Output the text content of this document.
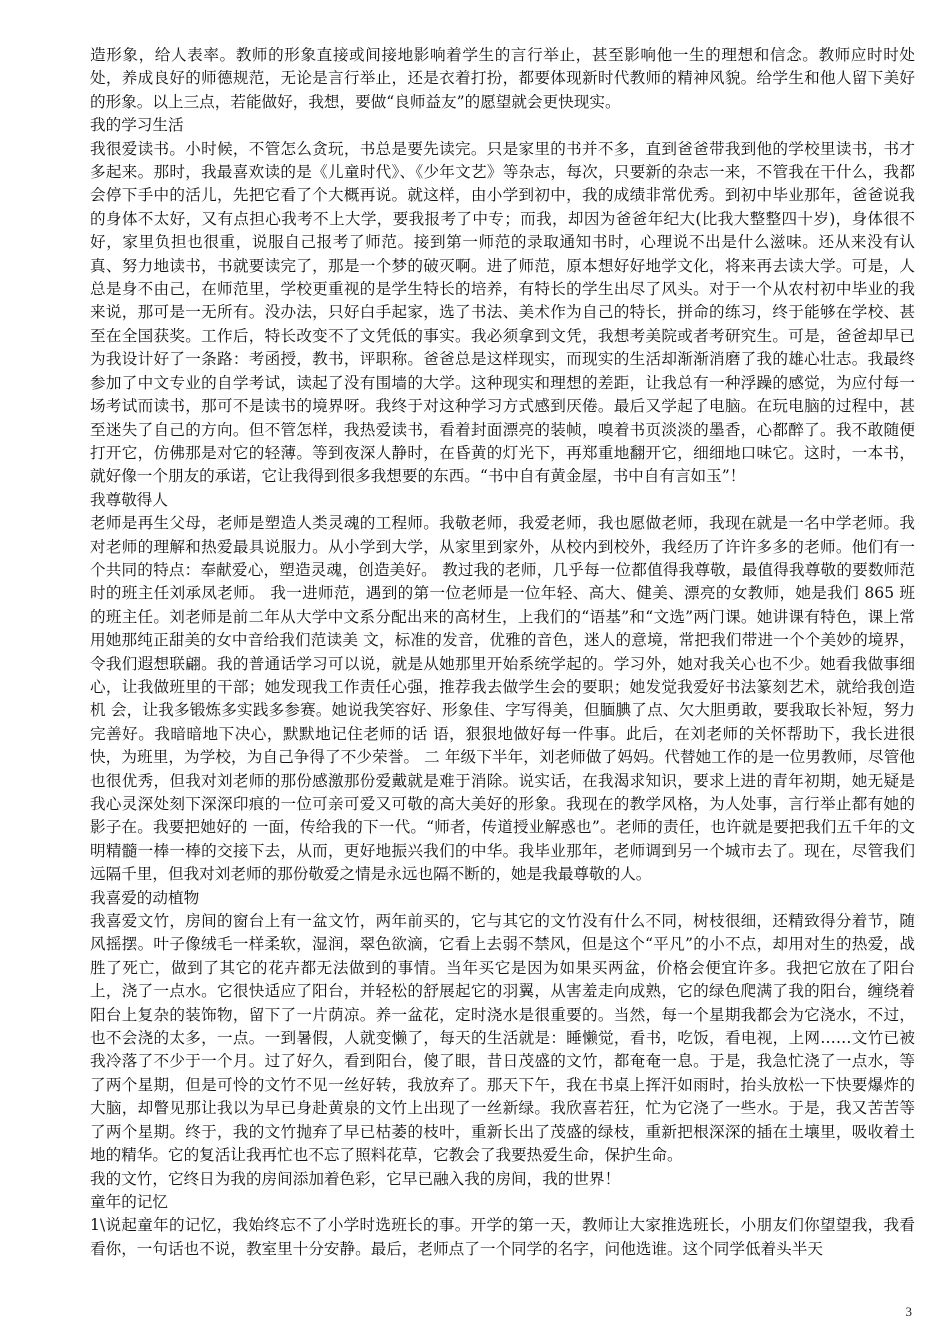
造形象，给人表率。教师的形象直接或间接地影响着学生的言行举止，甚至影响他一生的理想和信念。教师应时时处处，养成良好的师德规范，无论是言行举止，还是衣着打扮，都要体现新时代教师的精神风貌。给学生和他人留下美好的形象。以上三点，若能做好，我想，要做“良师益友”的愿望就会更快现实。

我的学习生活

我很爱读书。小时候，不管怎么贪玩，书总是要先读完。只是家里的书并不多，直到爸爸带我到他的学校里读书，书才多起来。那时，我最喜欢读的是《儿童时代》、《少年文艺》等杂志，每次，只要新的杂志一来，不管我在干什么，我都会停下手中的活儿，先把它看了个大概再说。就这样，由小学到初中，我的成绩非常优秀。到初中毕业那年，爸爸说我的身体不太好，又有点担心我考不上大学，要我报考了中专；而我，却因为爸爸年纪大(比我大整整四十岁)，身体很不好，家里负担也很重，说服自己报考了师范。接到第一师范的录取通知书时，心理说不出是什么滋味。还从来没有认真、努力地读书，书就要读完了，那是一个梦的破灭啊。进了师范，原本想好好地学文化，将来再去读大学。可是，人总是身不由己，在师范里，学校更重视的是学生特长的培养，有特长的学生出尽了风头。对于一个从农村初中毕业的我来说，那可是一无所有。没办法，只好白手起家，选了书法、美术作为自己的特长，拼命的练习，终于能够在学校、甚至在全国获奖。工作后，特长改变不了文凭低的事实。我必须拿到文凭，我想考美院或者考研究生。可是，爸爸却早已为我设计好了一条路：考函授，教书，评职称。爸爸总是这样现实，而现实的生活却渐渐消磨了我的雄心壮志。我最终参加了中文专业的自学考试，读起了没有围墙的大学。这种现实和理想的差距，让我总有一种浮躁的感觉，为应付每一场考试而读书，那可不是读书的境界呀。我终于对这种学习方式感到厌倦。最后又学起了电脑。在玩电脑的过程中，甚至迷失了自己的方向。但不管怎样，我热爱读书，看着封面漂亮的装帧，嗅着书页淡淡的墨香，心都醉了。我不敢随便打开它，仿佛那是对它的轻薄。等到夜深人静时，在昏黄的灯光下，再郑重地翻开它，细细地口味它。这时，一本书，就好像一个朋友的承诺，它让我得到很多我想要的东西。“书中自有黄金屋，书中自有言如玉”！

我尊敬得人

老师是再生父母，老师是塑造人类灵魂的工程师。我敬老师，我爱老师，我也愿做老师，我现在就是一名中学老师。我对老师的理解和热爱最具说服力。从小学到大学，从家里到家外，从校内到校外，我经历了许许多多的老师。他们有一个共同的特点：奉献爱心，塑造灵魂，创造美好。 教过我的老师，几乎每一位都值得我尊敬，最值得我尊敬的要数师范时的班主任刘承凤老师。 我一进师范，遇到的第一位老师是一位年轻、高大、健美、漂亮的女教师，她是我们 865 班 的班主任。刘老师是前二年从大学中文系分配出来的高材生，上我们的“语基”和“文选”两门课。她讲课有特色，课上常用她那纯正甜美的女中音给我们范读美 文，标准的发音，优雅的音色，迷人的意境，常把我们带进一个个美妙的境界，令我们遐想联翩。我的普通话学习可以说，就是从她那里开始系统学起的。学习外，她对我关心也不少。她看我做事细心，让我做班里的干部；她发现我工作责任心强，推荐我去做学生会的要职；她发觉我爱好书法篆刻艺术，就给我创造机 会，让我多锻炼多实践多参赛。她说我笑容好、形象佳、字写得美，但腼腆了点、欠大胆勇敢，要我取长补短，努力完善好。我暗暗地下决心，默默地记住老师的话 语，狠狠地做好每一件事。此后，在刘老师的关怀帮助下，我长进很快，为班里，为学校，为自己争得了不少荣誉。 二 年级下半年，刘老师做了妈妈。代替她工作的是一位男教师，尽管他也很优秀，但我对刘老师的那份感激那份爱戴就是难于消除。说实话，在我渴求知识，要求上进的青年初期，她无疑是我心灵深处刻下深深印痕的一位可亲可爱又可敬的高大美好的形象。我现在的教学风格，为人处事，言行举止都有她的影子在。我要把她好的 一面，传给我的下一代。“师者，传道授业解惑也”。老师的责任，也许就是要把我们五千年的文明精髓一棒一棒的交接下去，从而，更好地振兴我们的中华。我毕业那年，老师调到另一个城市去了。现在，尽管我们远隔千里，但我对刘老师的那份敬爱之情是永远也隔不断的，她是我最尊敬的人。

我喜爱的动植物

我喜爱文竹，房间的窗台上有一盆文竹，两年前买的，它与其它的文竹没有什么不同，树枝很细，还精致得分着节，随风摇摆。叶子像绒毛一样柔软，湿润，翠色欲滴，它看上去弱不禁风，但是这个“平凡”的小不点，却用对生的热爱，战胜了死亡，做到了其它的花卉都无法做到的事情。当年买它是因为如果买两盆，价格会便宜许多。我把它放在了阳台上，浇了一点水。它很快适应了阳台，并轻松的舒展起它的羽翼，从害羞走向成熟，它的绿色爬满了我的阳台，缠绕着阳台上复杂的装饰物，留下了一片荫凉。养一盆花，定时浇水是很重要的。当然，每一个星期我都会为它浇水，不过，也不会浇的太多，一点。一到暑假，人就变懒了，每天的生活就是：睡懒觉，看书，吃饭，看电视，上网……文竹已被我冷落了不少于一个月。过了好久，看到阳台，傻了眼，昔日茂盛的文竹，都奄奄一息。于是，我急忙浇了一点水，等了两个星期，但是可怜的文竹不见一丝好转，我放弃了。那天下午，我在书桌上挥汗如雨时，抬头放松一下快要爆炸的大脑，却瞥见那让我以为早已身赴黄泉的文竹上出现了一丝新绿。我欣喜若狂，忙为它浇了一些水。于是，我又苦苦等了两个星期。终于，我的文竹抛弃了早已枯萎的枝叶，重新长出了茂盛的绿枝，重新把根深深的插在土壤里，吸收着土地的精华。它的复活让我再忙也不忘了照料花草，它教会了我要热爱生命，保护生命。

我的文竹，它终日为我的房间添加着色彩，它早已融入我的房间，我的世界！

童年的记忆

1\说起童年的记忆，我始终忘不了小学时选班长的事。开学的第一天，教师让大家推选班长，小朋友们你望望我，我看看你，一句话也不说，教室里十分安静。最后，老师点了一个同学的名字，问他选谁。这个同学低着头半天

3
